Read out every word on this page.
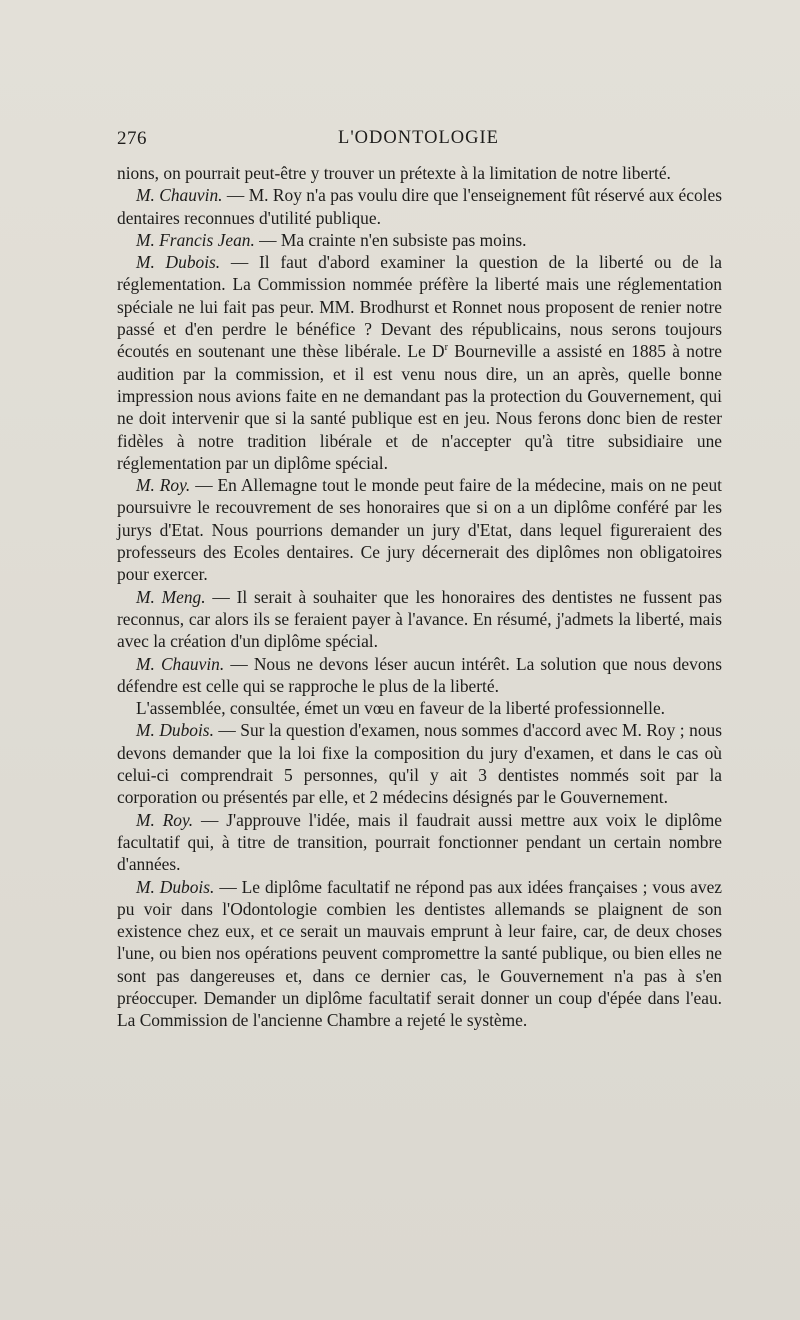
276	L'ODONTOLOGIE

nions, on pourrait peut-être y trouver un prétexte à la limitation de notre liberté.

M. Chauvin. — M. Roy n'a pas voulu dire que l'enseignement fût réservé aux écoles dentaires reconnues d'utilité publique.

M. Francis Jean. — Ma crainte n'en subsiste pas moins.

M. Dubois. — Il faut d'abord examiner la question de la liberté ou de la réglementation. La Commission nommée préfère la liberté mais une réglementation spéciale ne lui fait pas peur. MM. Brodhurst et Ronnet nous proposent de renier notre passé et d'en perdre le bénéfice ? Devant des républicains, nous serons toujours écoutés en soutenant une thèse libérale. Le $D^r$ Bourneville a assisté en 1885 à notre audition par la commission, et il est venu nous dire, un an après, quelle bonne impression nous avions faite en ne demandant pas la protection du Gouvernement, qui ne doit intervenir que si la santé publique est en jeu. Nous ferons donc bien de rester fidèles à notre tradition libérale et de n'accepter qu'à titre subsidiaire une réglementation par un diplôme spécial.

M. Roy. — En Allemagne tout le monde peut faire de la médecine, mais on ne peut poursuivre le recouvrement de ses honoraires que si on a un diplôme conféré par les jurys d'Etat. Nous pourrions demander un jury d'Etat, dans lequel figureraient des professeurs des Ecoles dentaires. Ce jury décernerait des diplômes non obligatoires pour exercer.

M. Meng. — Il serait à souhaiter que les honoraires des dentistes ne fussent pas reconnus, car alors ils se feraient payer à l'avance. En résumé, j'admets la liberté, mais avec la création d'un diplôme spécial.

M. Chauvin. — Nous ne devons léser aucun intérêt. La solution que nous devons défendre est celle qui se rapproche le plus de la liberté.

L'assemblée, consultée, émet un vœu en faveur de la liberté professionnelle.

M. Dubois. — Sur la question d'examen, nous sommes d'accord avec M. Roy ; nous devons demander que la loi fixe la composition du jury d'examen, et dans le cas où celui-ci comprendrait 5 personnes, qu'il y ait 3 dentistes nommés soit par la corporation ou présentés par elle, et 2 médecins désignés par le Gouvernement.

M. Roy. — J'approuve l'idée, mais il faudrait aussi mettre aux voix le diplôme facultatif qui, à titre de transition, pourrait fonctionner pendant un certain nombre d'années.

M. Dubois. — Le diplôme facultatif ne répond pas aux idées françaises ; vous avez pu voir dans l'Odontologie combien les dentistes allemands se plaignent de son existence chez eux, et ce serait un mauvais emprunt à leur faire, car, de deux choses l'une, ou bien nos opérations peuvent compromettre la santé publique, ou bien elles ne sont pas dangereuses et, dans ce dernier cas, le Gouvernement n'a pas à s'en préoccuper. Demander un diplôme facultatif serait donner un coup d'épée dans l'eau. La Commission de l'ancienne Chambre a rejeté le système.
